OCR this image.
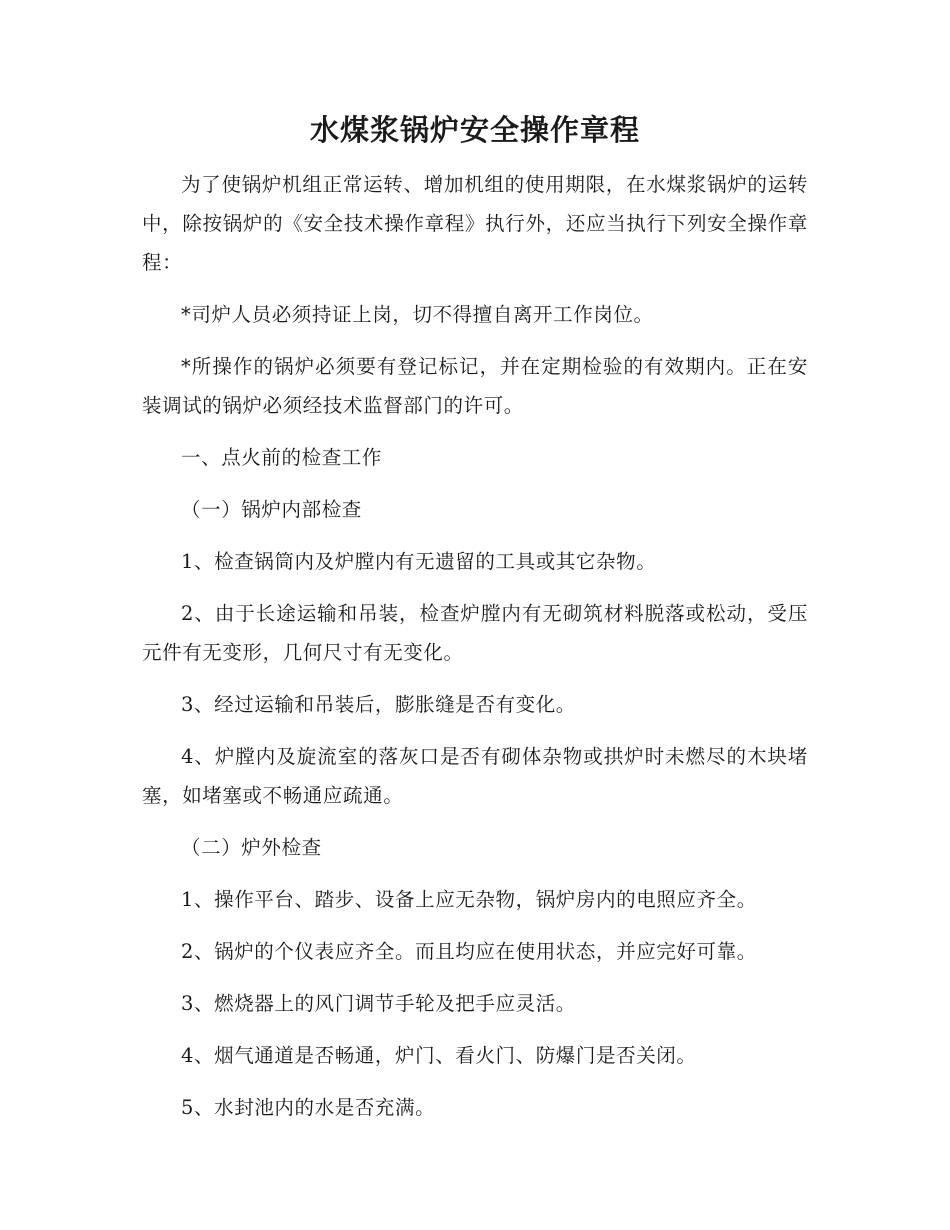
水煤浆锅炉安全操作章程

为了使锅炉机组正常运转、增加机组的使用期限，在水煤浆锅炉的运转中，除按锅炉的《安全技术操作章程》执行外，还应当执行下列安全操作章程：

*司炉人员必须持证上岗，切不得擅自离开工作岗位。

*所操作的锅炉必须要有登记标记，并在定期检验的有效期内。正在安装调试的锅炉必须经技术监督部门的许可。

一、点火前的检查工作

（一）锅炉内部检查

1、检查锅筒内及炉膛内有无遗留的工具或其它杂物。

2、由于长途运输和吊装，检查炉膛内有无砌筑材料脱落或松动，受压元件有无变形，几何尺寸有无变化。

3、经过运输和吊装后，膨胀缝是否有变化。

4、炉膛内及旋流室的落灰口是否有砌体杂物或拱炉时未燃尽的木块堵塞，如堵塞或不畅通应疏通。

（二）炉外检查

1、操作平台、踏步、设备上应无杂物，锅炉房内的电照应齐全。

2、锅炉的个仪表应齐全。而且均应在使用状态，并应完好可靠。

3、燃烧器上的风门调节手轮及把手应灵活。

4、烟气通道是否畅通，炉门、看火门、防爆门是否关闭。

5、水封池内的水是否充满。
